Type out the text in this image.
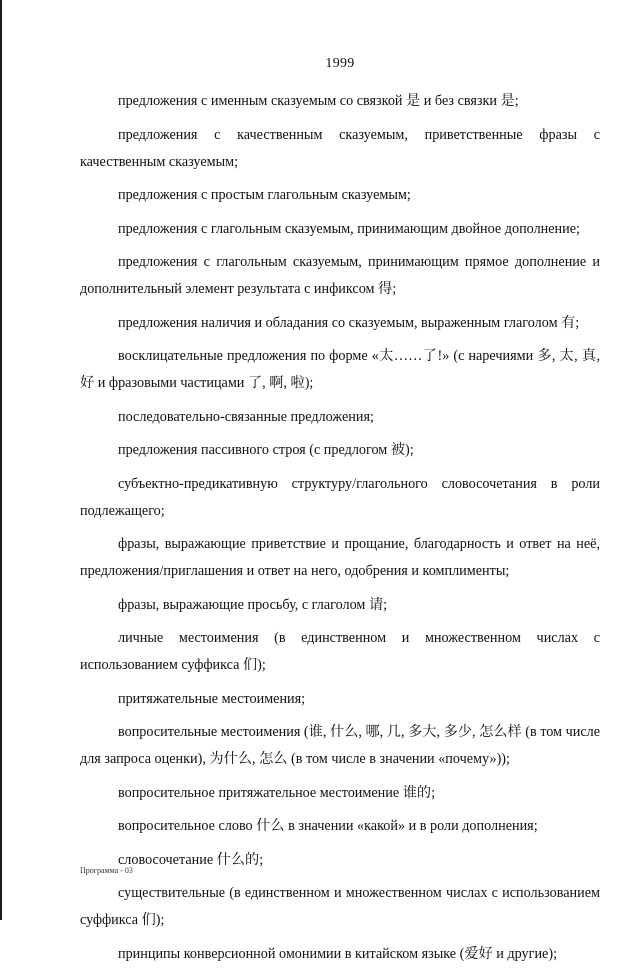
1999

предложения с именным сказуемым со связкой 是 и без связки 是;

предложения с качественным сказуемым, приветственные фразы с качественным сказуемым;

предложения с простым глагольным сказуемым;

предложения с глагольным сказуемым, принимающим двойное дополнение;

предложения с глагольным сказуемым, принимающим прямое дополнение и дополнительный элемент результата с инфиксом 得;

предложения наличия и обладания со сказуемым, выраженным глаголом 有;

восклицательные предложения по форме «太……了!» (с наречиями 多, 太, 真, 好 и фразовыми частицами 了, 啊, 啦);

последовательно-связанные предложения;

предложения пассивного строя (с предлогом 被);

субъектно-предикативную структуру/глагольного словосочетания в роли подлежащего;

фразы, выражающие приветствие и прощание, благодарность и ответ на неё, предложения/приглашения и ответ на него, одобрения и комплименты;

фразы, выражающие просьбу, с глаголом 请;

личные местоимения (в единственном и множественном числах с использованием суффикса 们);

притяжательные местоимения;

вопросительные местоимения (谁, 什么, 哪, 几, 多大, 多少, 怎么样 (в том числе для запроса оценки), 为什么, 怎么 (в том числе в значении «почему»));

вопросительное притяжательное местоимение 谁的;

вопросительное слово 什么 в значении «какой» и в роли дополнения;

словосочетание 什么的;

существительные (в единственном и множественном числах с использованием суффикса 们);

принципы конверсионной омонимии в китайском языке (爱好 и другие);

Программа - 03
